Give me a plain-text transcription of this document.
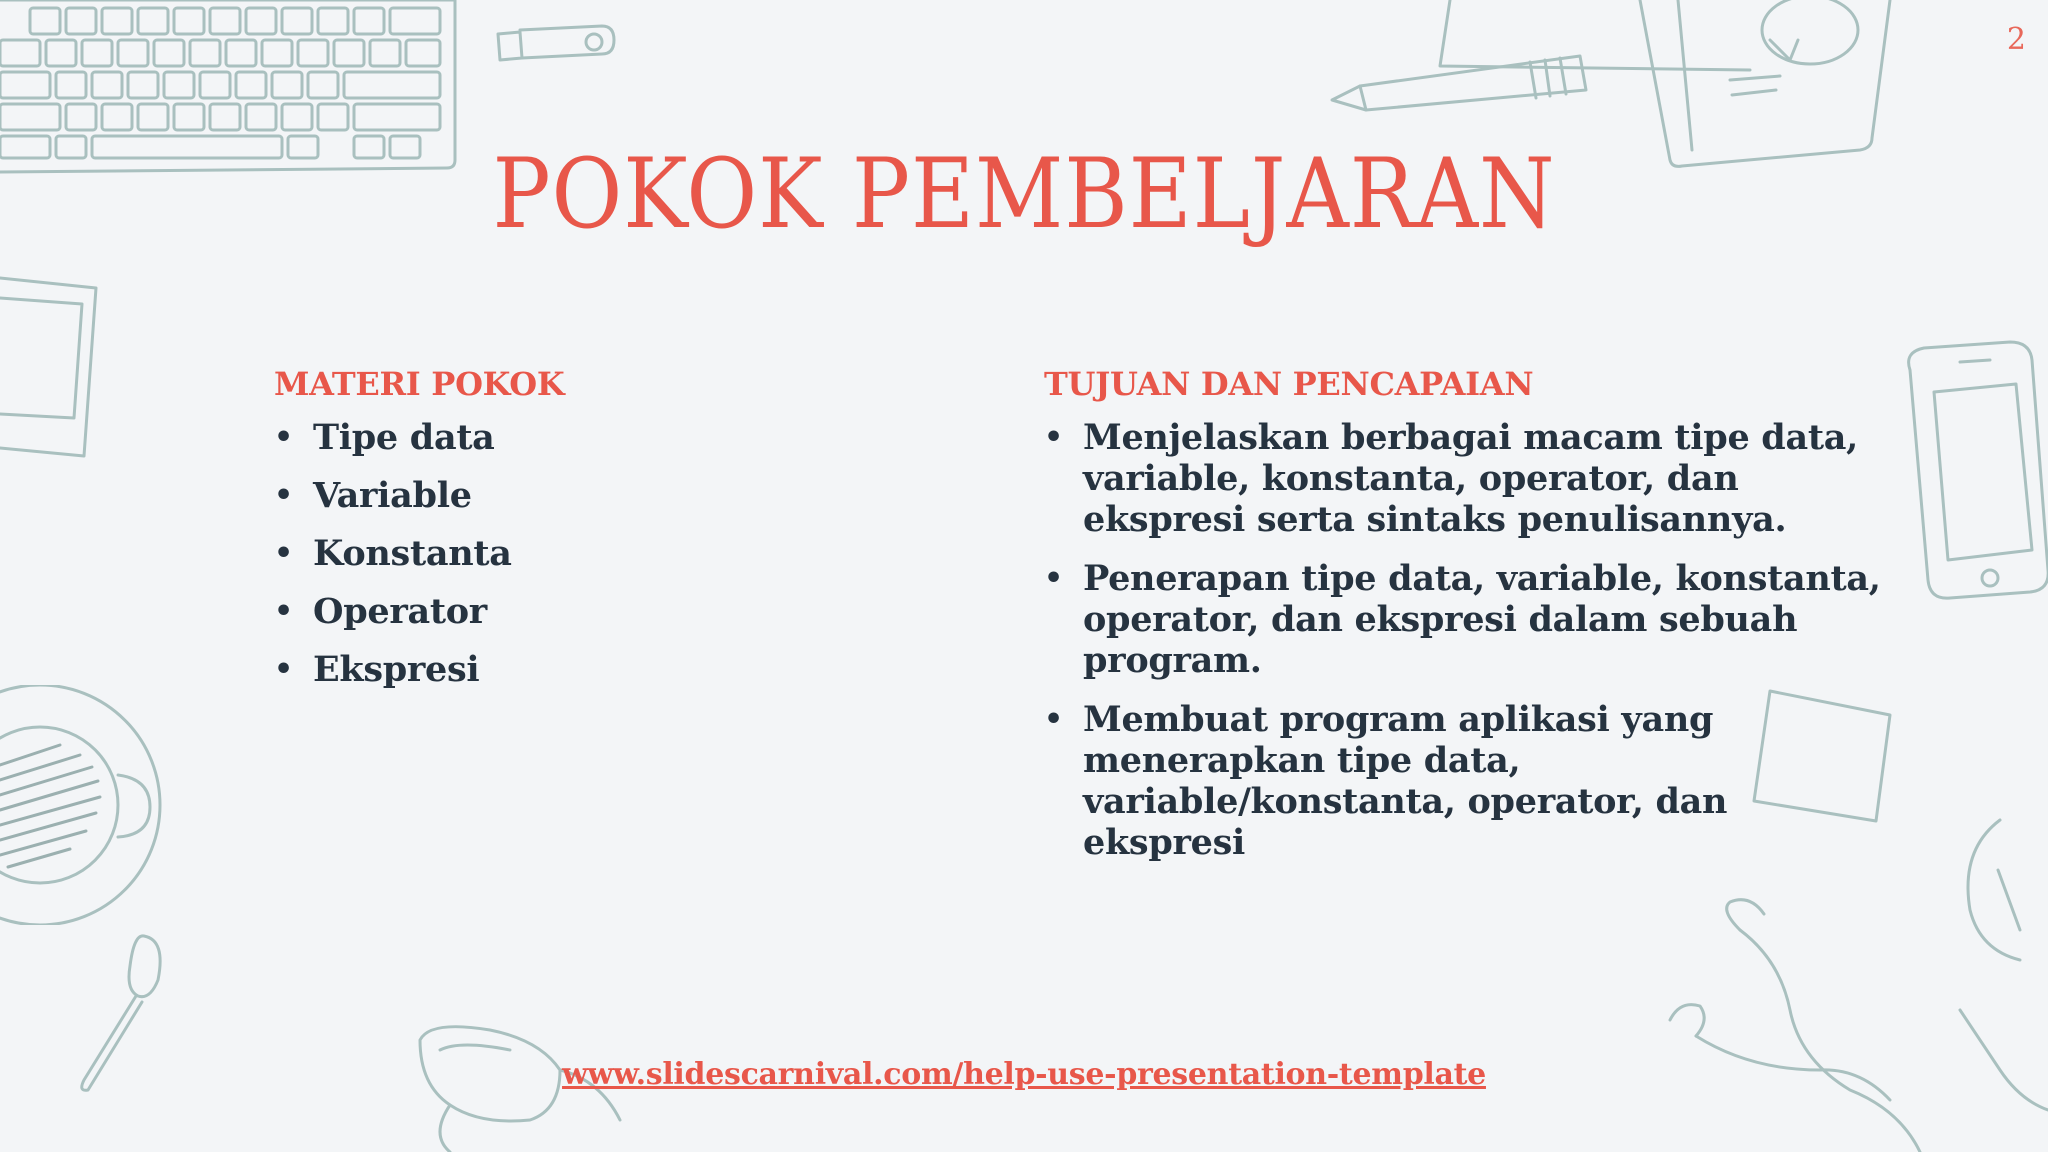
2
POKOK PEMBELJARAN
MATERI POKOK
• Tipe data
• Variable
• Konstanta
• Operator
• Ekspresi
TUJUAN DAN PENCAPAIAN
• Menjelaskan berbagai macam tipe data, variable, konstanta, operator, dan ekspresi serta sintaks penulisannya.
• Penerapan tipe data, variable, konstanta, operator, dan ekspresi dalam sebuah program.
• Membuat program aplikasi yang menerapkan tipe data, variable/konstanta, operator, dan ekspresi
www.slidescarnival.com/help-use-presentation-template
